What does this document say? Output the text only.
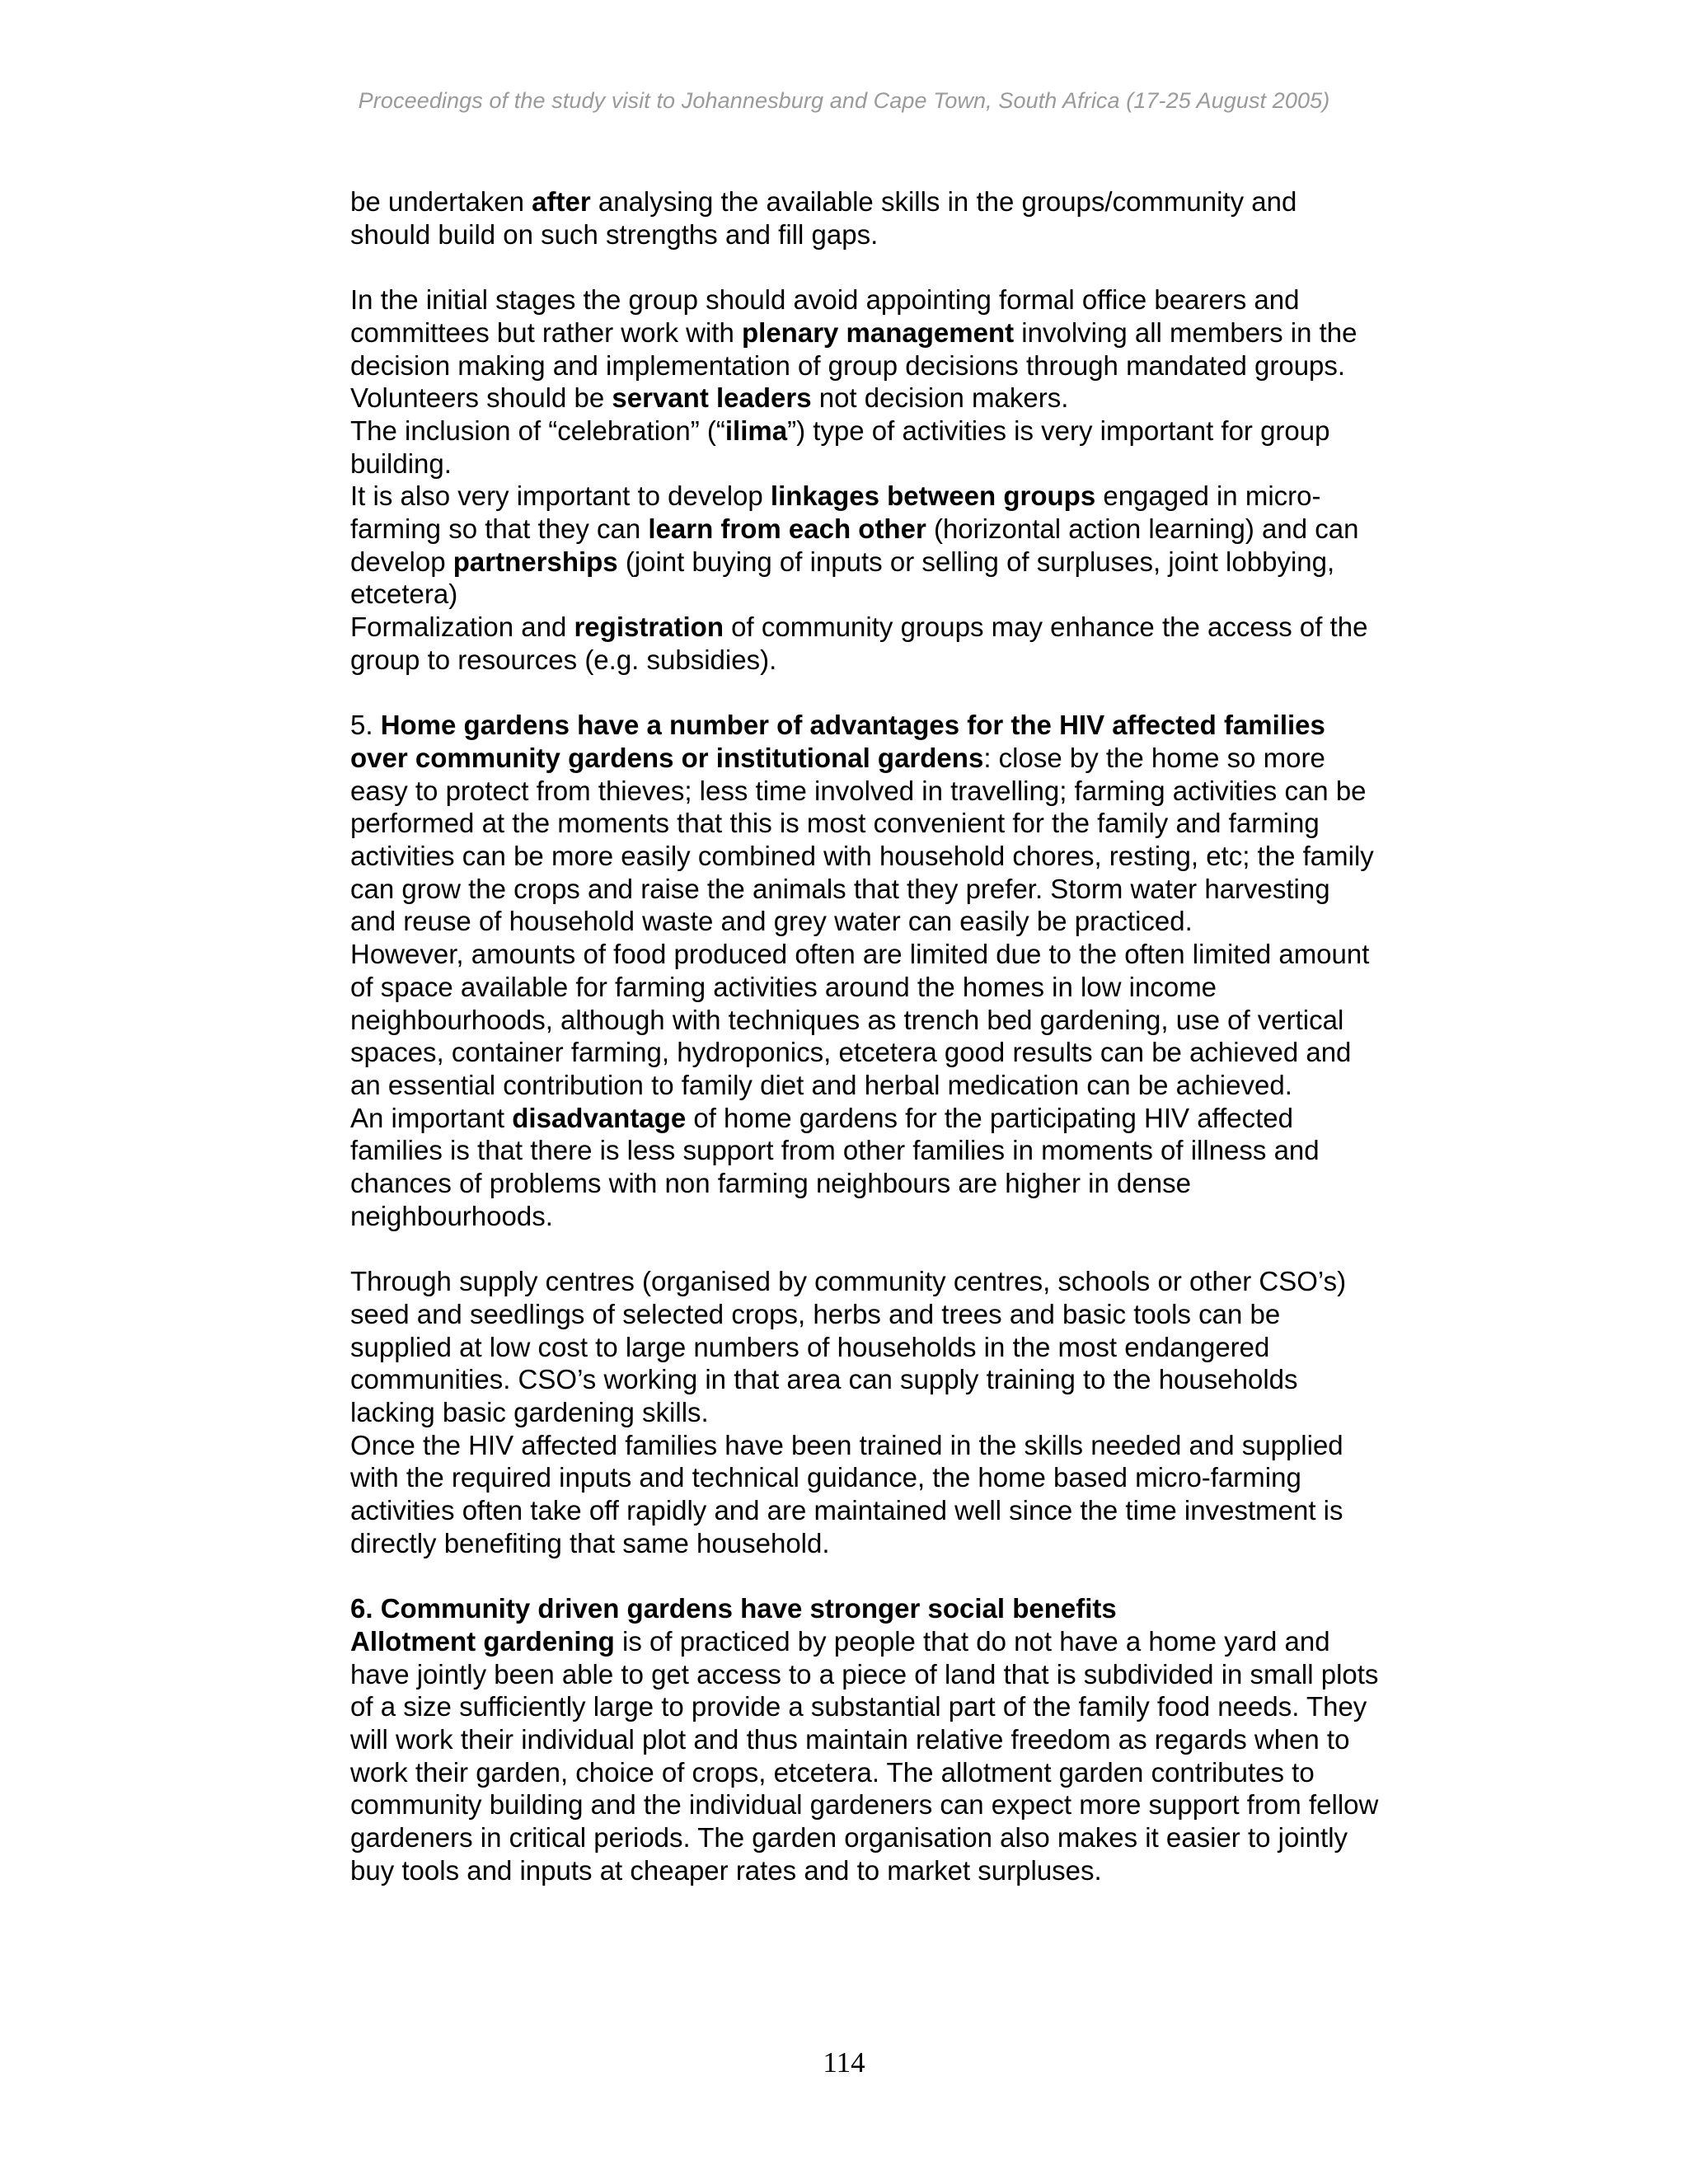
Proceedings of the study visit to Johannesburg and Cape Town, South Africa (17-25 August 2005)

be undertaken after analysing the available skills in the groups/community and should build on such strengths and fill gaps.

In the initial stages the group should avoid appointing formal office bearers and committees but rather work with plenary management involving all members in the decision making and implementation of group decisions through mandated groups. Volunteers should be servant leaders not decision makers.

The inclusion of “celebration” (“ilima”) type of activities is very important for group building.

It is also very important to develop linkages between groups engaged in micro-farming so that they can learn from each other (horizontal action learning) and can develop partnerships (joint buying of inputs or selling of surpluses, joint lobbying, etcetera)

Formalization and registration of community groups may enhance the access of the group to resources (e.g. subsidies).

5. Home gardens have a number of advantages for the HIV affected families over community gardens or institutional gardens: close by the home so more easy to protect from thieves; less time involved in travelling; farming activities can be performed at the moments that this is most convenient for the family and farming activities can be more easily combined with household chores, resting, etc; the family can grow the crops and raise the animals that they prefer. Storm water harvesting and reuse of household waste and grey water can easily be practiced.

However, amounts of food produced often are limited due to the often limited amount of space available for farming activities around the homes in low income neighbourhoods, although with techniques as trench bed gardening, use of vertical spaces, container farming, hydroponics, etcetera good results can be achieved and an essential contribution to family diet and herbal medication can be achieved.

An important disadvantage of home gardens for the participating HIV affected families is that there is less support from other families in moments of illness and chances of problems with non farming neighbours are higher in dense neighbourhoods.

Through supply centres (organised by community centres, schools or other CSO’s) seed and seedlings of selected crops, herbs and trees and basic tools can be supplied at low cost to large numbers of households in the most endangered communities. CSO’s working in that area can supply training to the households lacking basic gardening skills.

Once the HIV affected families have been trained in the skills needed and supplied with the required inputs and technical guidance, the home based micro-farming activities often take off rapidly and are maintained well since the time investment is directly benefiting that same household.

6. Community driven gardens have stronger social benefits

Allotment gardening is of practiced by people that do not have a home yard and have jointly been able to get access to a piece of land that is subdivided in small plots of a size sufficiently large to provide a substantial part of the family food needs. They will work their individual plot and thus maintain relative freedom as regards when to work their garden, choice of crops, etcetera. The allotment garden contributes to community building and the individual gardeners can expect more support from fellow gardeners in critical periods. The garden organisation also makes it easier to jointly buy tools and inputs at cheaper rates and to market surpluses.

114
